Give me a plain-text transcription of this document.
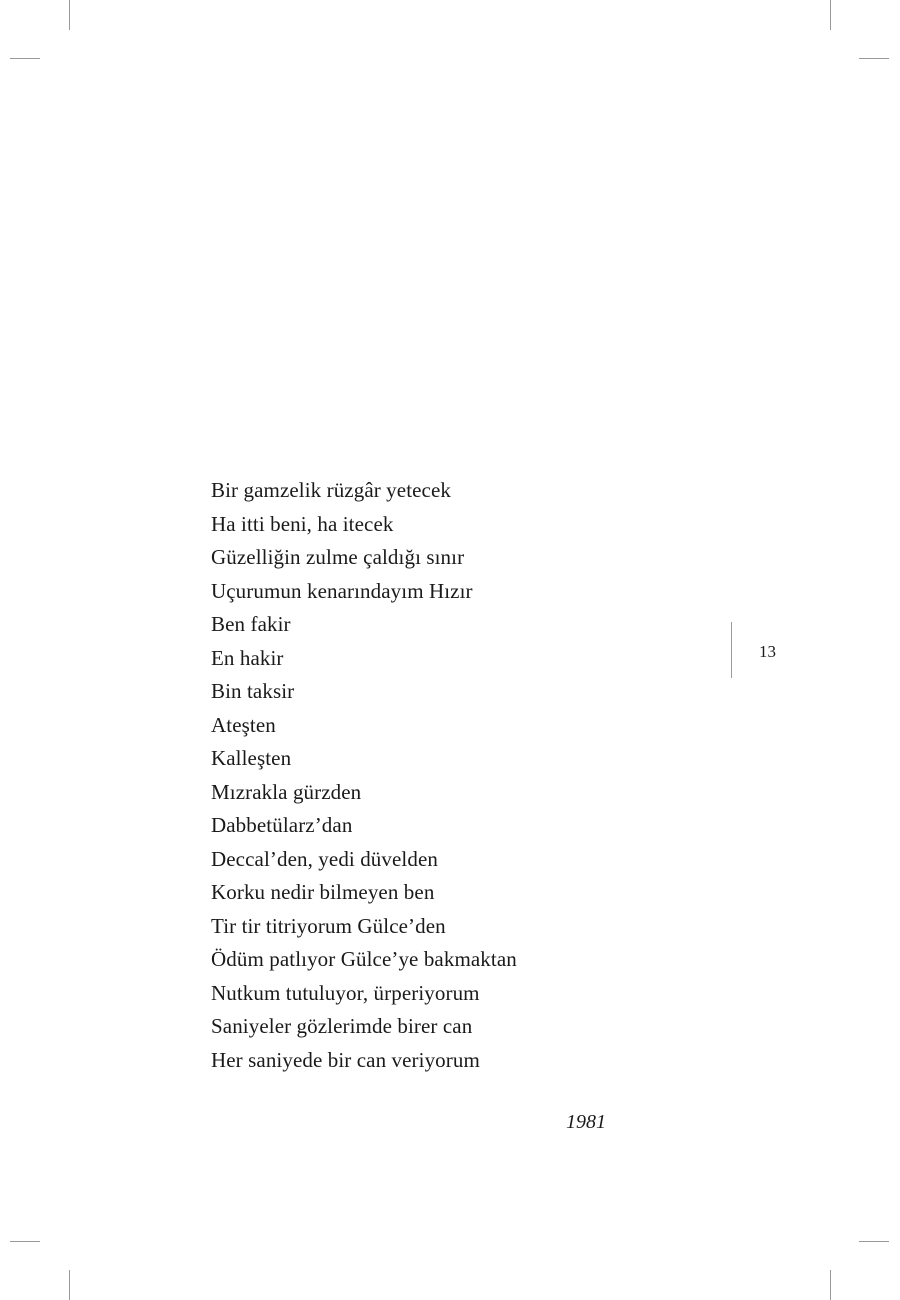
Bir gamzelik rüzgâr yetecek
Ha itti beni, ha itecek
Güzelliğin zulme çaldığı sınır
Uçurumun kenarındayım Hızır
Ben fakir
En hakir
Bin taksir
Ateşten
Kalleşten
Mızrakla gürzden
Dabbetülarz’dan
Deccal’den, yedi düvelden
Korku nedir bilmeyen ben
Tir tir titriyorum Gülce’den
Ödüm patlıyor Gülce’ye bakmaktan
Nutkum tutuluyor, ürperiyorum
Saniyeler gözlerimde birer can
Her saniyede bir can veriyorum
1981
13
